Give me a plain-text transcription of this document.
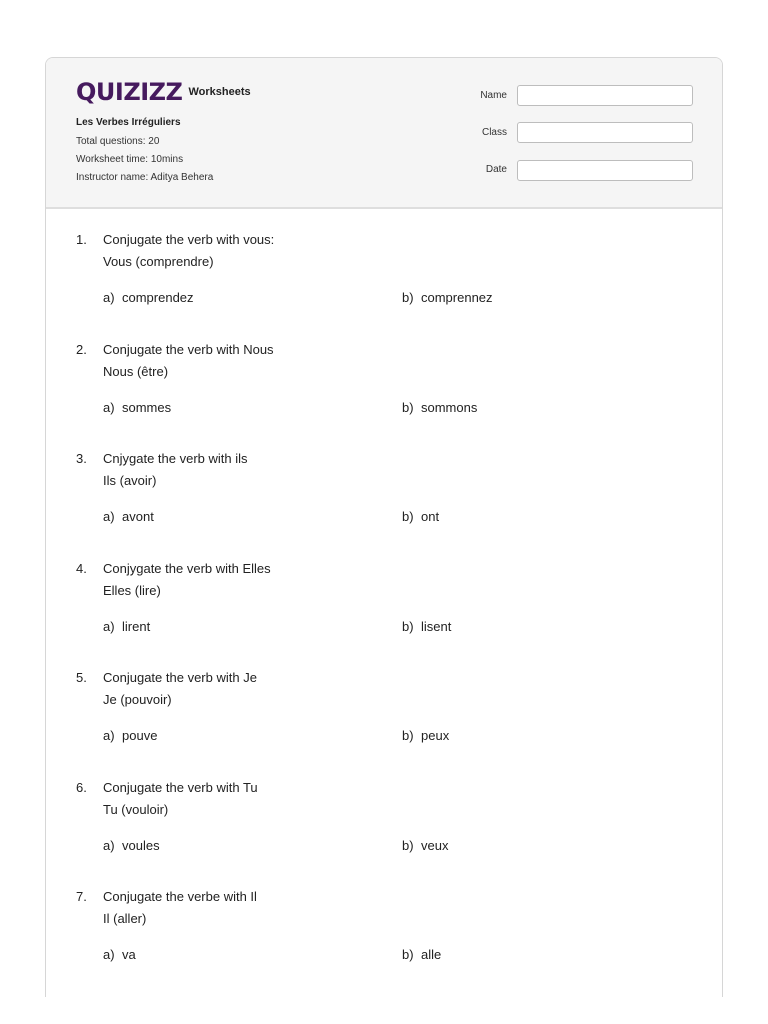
QUIZIZZ Worksheets
Les Verbes Irréguliers
Total questions: 20
Worksheet time: 10mins
Instructor name: Aditya Behera
Name
Class
Date
1.	Conjugate the verb with vous:
Vous (comprendre)
a) comprendez	b) comprennez
2.	Conjugate the verb with Nous
Nous (être)
a) sommes	b) sommons
3.	Cnjygate the verb with ils
Ils (avoir)
a) avont	b) ont
4.	Conjygate the verb with Elles
Elles (lire)
a) lirent	b) lisent
5.	Conjugate the verb with Je
Je (pouvoir)
a) pouve	b) peux
6.	Conjugate the verb with Tu
Tu (vouloir)
a) voules	b) veux
7.	Conjugate the verbe with Il
Il (aller)
a) va	b) alle
